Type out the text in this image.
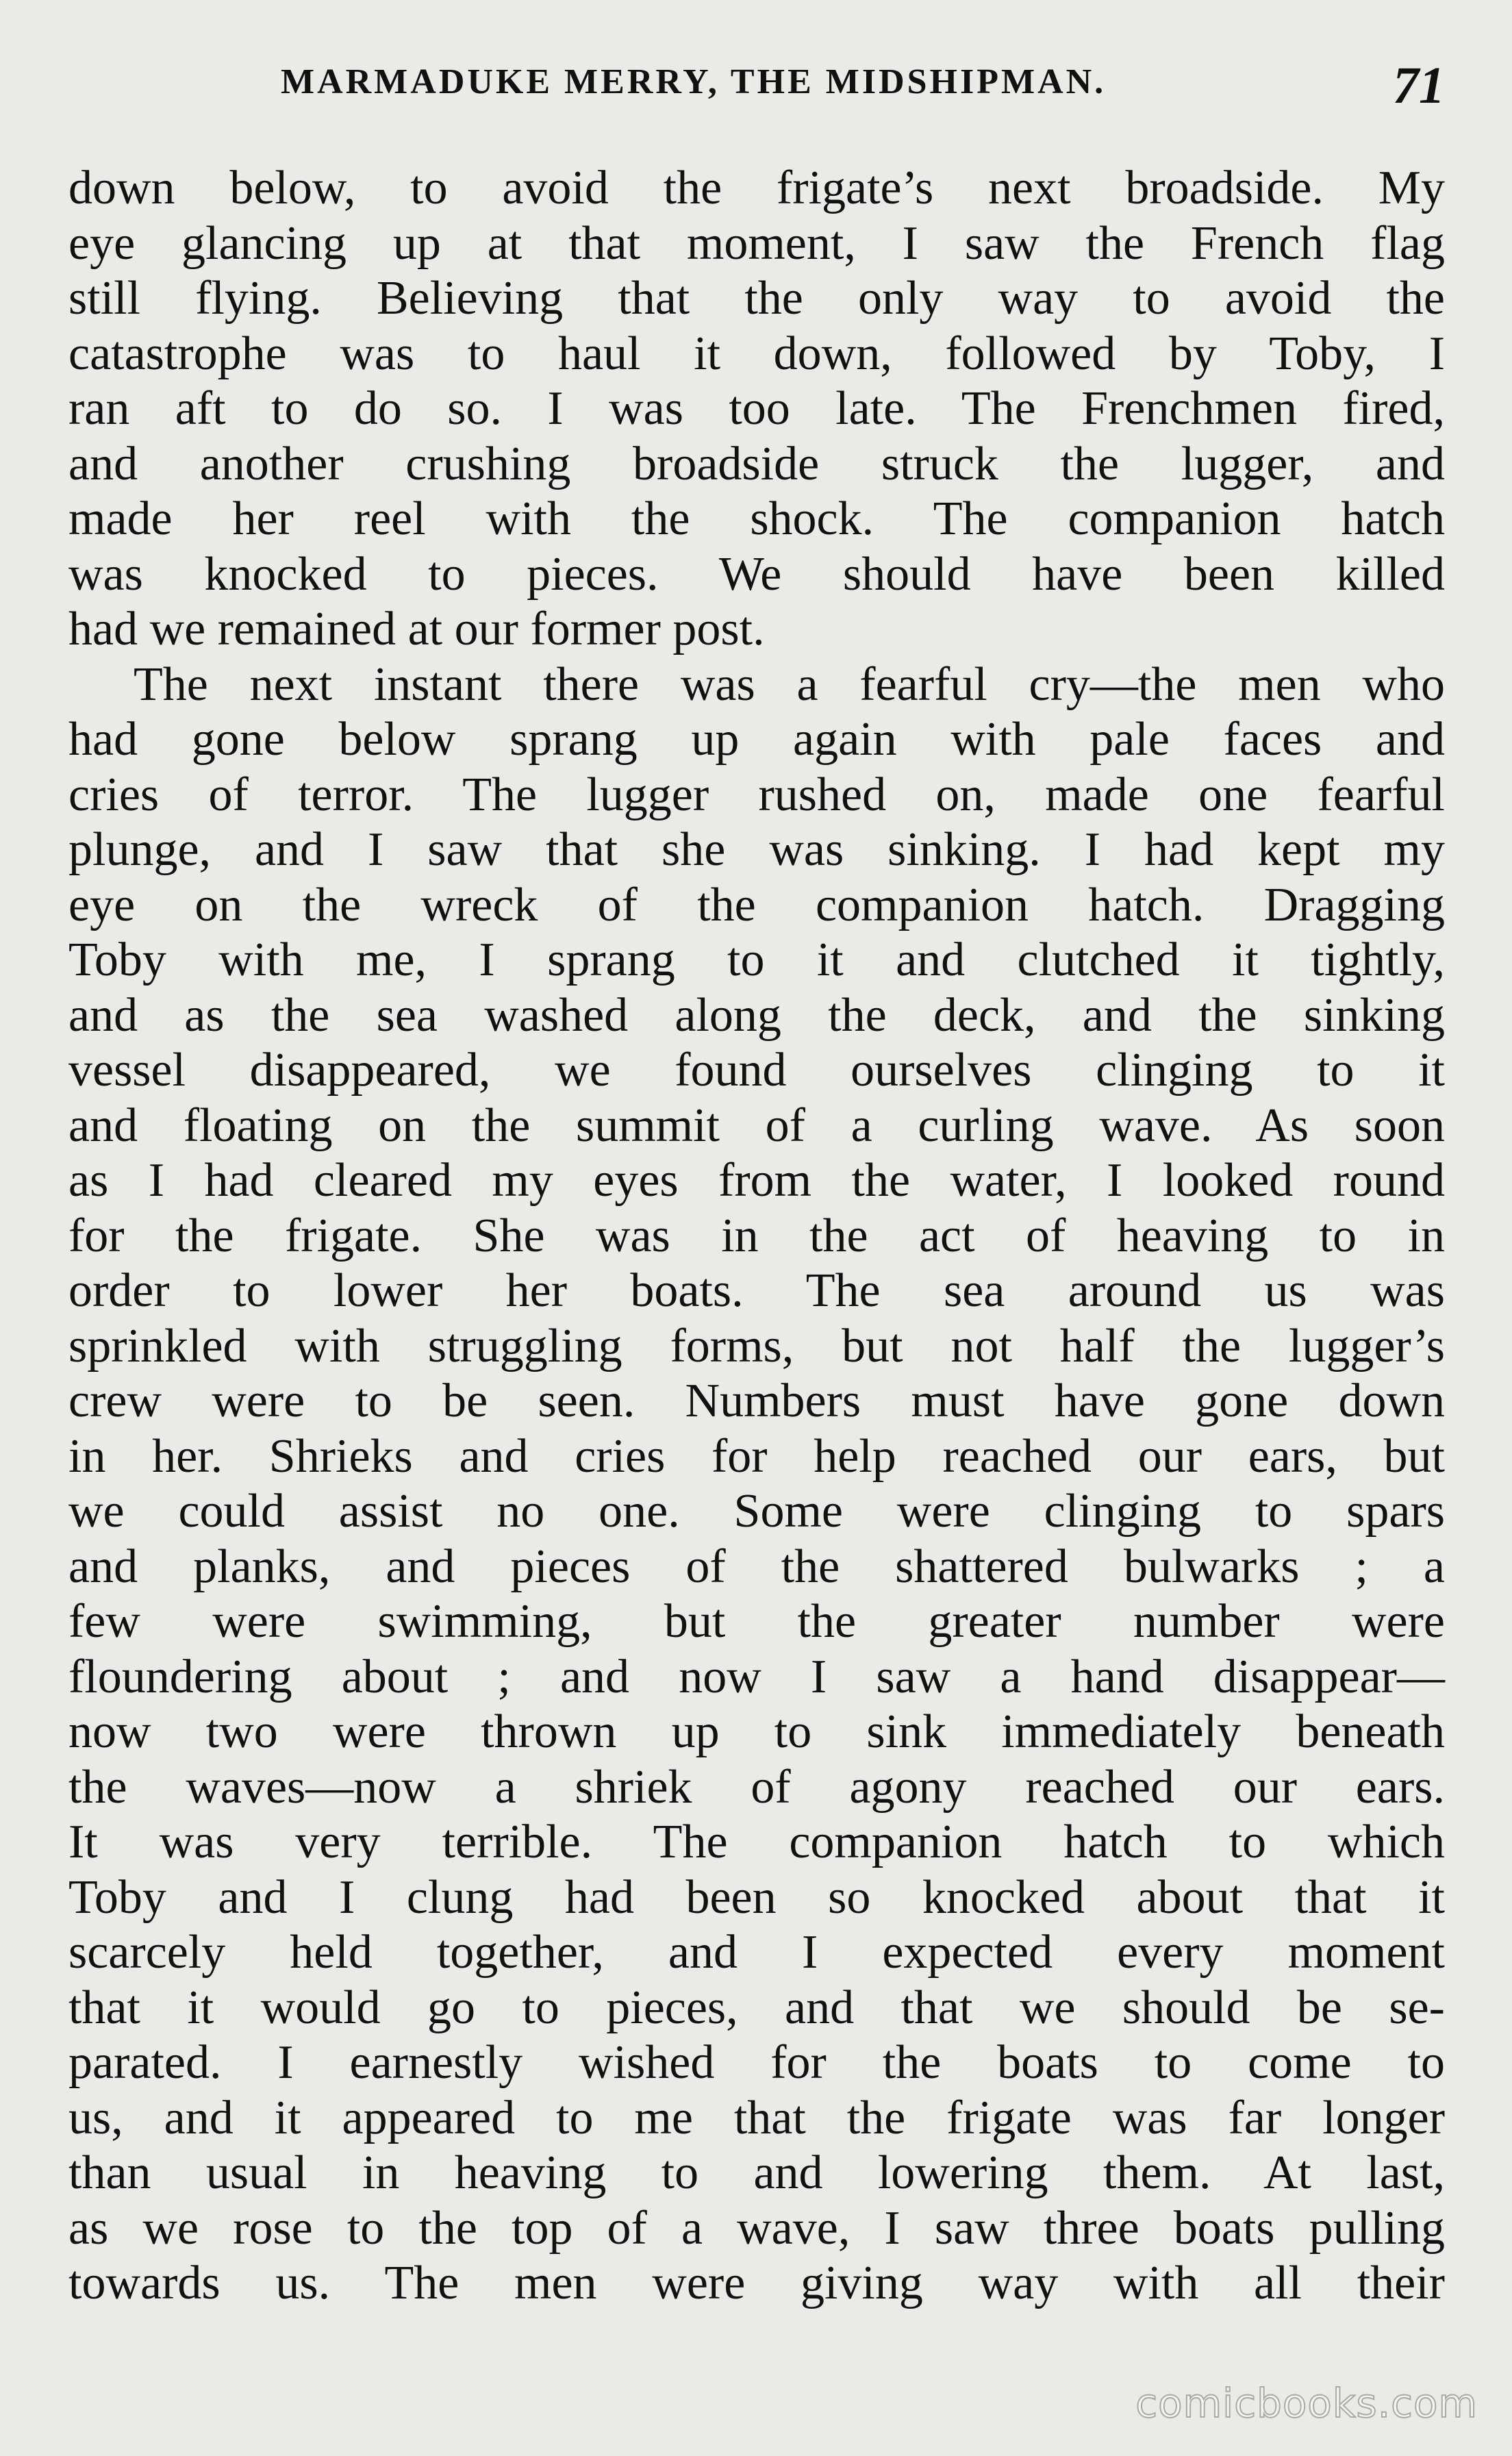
MARMADUKE MERRY, THE MIDSHIPMAN.	71
down below, to avoid the frigate’s next broadside. My
eye glancing up at that moment, I saw the French flag
still flying. Believing that the only way to avoid the
catastrophe was to haul it down, followed by Toby, I
ran aft to do so. I was too late. The Frenchmen fired,
and another crushing broadside struck the lugger, and
made her reel with the shock. The companion hatch
was knocked to pieces. We should have been killed
had we remained at our former post.
The next instant there was a fearful cry—the men who
had gone below sprang up again with pale faces and
cries of terror. The lugger rushed on, made one fearful
plunge, and I saw that she was sinking. I had kept my
eye on the wreck of the companion hatch. Dragging
Toby with me, I sprang to it and clutched it tightly,
and as the sea washed along the deck, and the sinking
vessel disappeared, we found ourselves clinging to it
and floating on the summit of a curling wave. As soon
as I had cleared my eyes from the water, I looked round
for the frigate. She was in the act of heaving to in
order to lower her boats. The sea around us was
sprinkled with struggling forms, but not half the lugger’s
crew were to be seen. Numbers must have gone down
in her. Shrieks and cries for help reached our ears, but
we could assist no one. Some were clinging to spars
and planks, and pieces of the shattered bulwarks ; a
few were swimming, but the greater number were
floundering about ; and now I saw a hand disappear—
now two were thrown up to sink immediately beneath
the waves—now a shriek of agony reached our ears.
It was very terrible. The companion hatch to which
Toby and I clung had been so knocked about that it
scarcely held together, and I expected every moment
that it would go to pieces, and that we should be se-
parated. I earnestly wished for the boats to come to
us, and it appeared to me that the frigate was far longer
than usual in heaving to and lowering them. At last,
as we rose to the top of a wave, I saw three boats pulling
towards us. The men were giving way with all their
comicbooks.com
